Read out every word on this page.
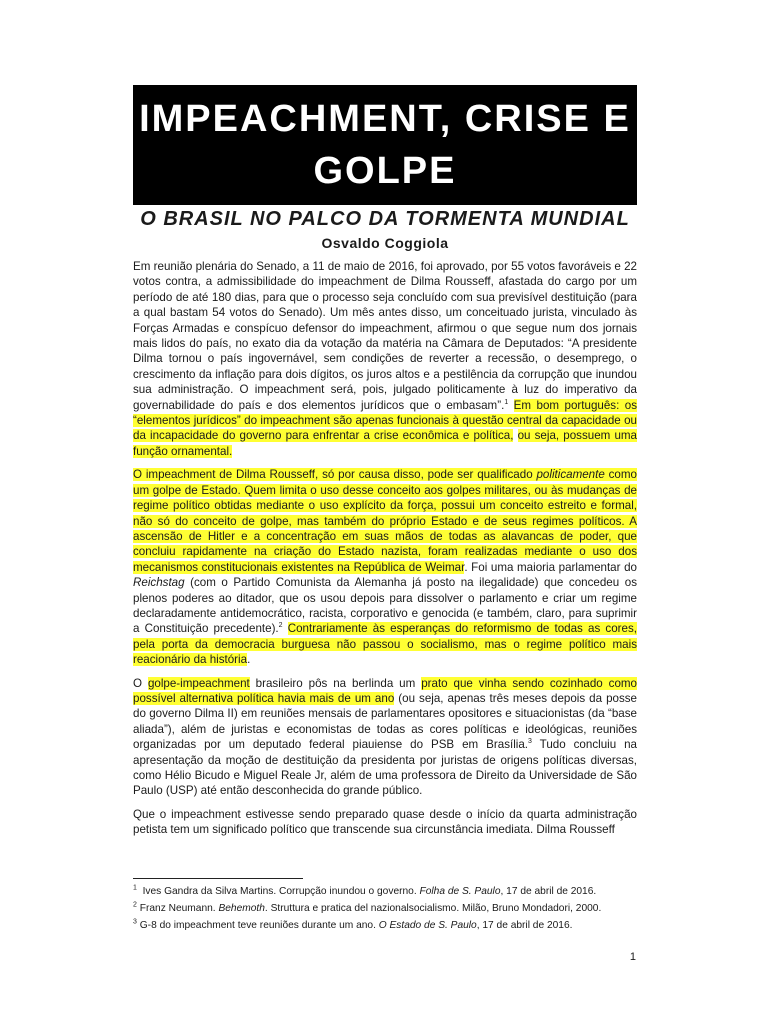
IMPEACHMENT, CRISE E
GOLPE
O BRASIL NO PALCO DA TORMENTA MUNDIAL
Osvaldo Coggiola

Em reunião plenária do Senado, a 11 de maio de 2016, foi aprovado, por 55 votos favoráveis e 22 votos contra, a admissibilidade do impeachment de Dilma Rousseff, afastada do cargo por um período de até 180 dias, para que o processo seja concluído com sua previsível destituição (para a qual bastam 54 votos do Senado). Um mês antes disso, um conceituado jurista, vinculado às Forças Armadas e conspícuo defensor do impeachment, afirmou o que segue num dos jornais mais lidos do país, no exato dia da votação da matéria na Câmara de Deputados: “A presidente Dilma tornou o país ingovernável, sem condições de reverter a recessão, o desemprego, o crescimento da inflação para dois dígitos, os juros altos e a pestilência da corrupção que inundou sua administração. O impeachment será, pois, julgado politicamente à luz do imperativo da governabilidade do país e dos elementos jurídicos que o embasam”.$^1$ Em bom português: os “elementos jurídicos” do impeachment são apenas funcionais à questão central da capacidade ou da incapacidade do governo para enfrentar a crise econômica e política, ou seja, possuem uma função ornamental.

O impeachment de Dilma Rousseff, só por causa disso, pode ser qualificado politicamente como um golpe de Estado. Quem limita o uso desse conceito aos golpes militares, ou às mudanças de regime político obtidas mediante o uso explícito da força, possui um conceito estreito e formal, não só do conceito de golpe, mas também do próprio Estado e de seus regimes políticos. A ascensão de Hitler e a concentração em suas mãos de todas as alavancas de poder, que concluiu rapidamente na criação do Estado nazista, foram realizadas mediante o uso dos mecanismos constitucionais existentes na República de Weimar. Foi uma maioria parlamentar do Reichstag (com o Partido Comunista da Alemanha já posto na ilegalidade) que concedeu os plenos poderes ao ditador, que os usou depois para dissolver o parlamento e criar um regime declaradamente antidemocrático, racista, corporativo e genocida (e também, claro, para suprimir a Constituição precedente).$^2$ Contrariamente às esperanças do reformismo de todas as cores, pela porta da democracia burguesa não passou o socialismo, mas o regime político mais reacionário da história.

O golpe-impeachment brasileiro pôs na berlinda um prato que vinha sendo cozinhado como possível alternativa política havia mais de um ano (ou seja, apenas três meses depois da posse do governo Dilma II) em reuniões mensais de parlamentares opositores e situacionistas (da “base aliada”), além de juristas e economistas de todas as cores políticas e ideológicas, reuniões organizadas por um deputado federal piauiense do PSB em Brasília.$^3$ Tudo concluiu na apresentação da moção de destituição da presidenta por juristas de origens políticas diversas, como Hélio Bicudo e Miguel Reale Jr, além de uma professora de Direito da Universidade de São Paulo (USP) até então desconhecida do grande público.

Que o impeachment estivesse sendo preparado quase desde o início da quarta administração petista tem um significado político que transcende sua circunstância imediata. Dilma Rousseff

$^1$ Ives Gandra da Silva Martins. Corrupção inundou o governo. Folha de S. Paulo, 17 de abril de 2016.
$^2$ Franz Neumann. Behemoth. Struttura e pratica del nazionalsocialismo. Milão, Bruno Mondadori, 2000.
$^3$ G-8 do impeachment teve reuniões durante um ano. O Estado de S. Paulo, 17 de abril de 2016.
1
